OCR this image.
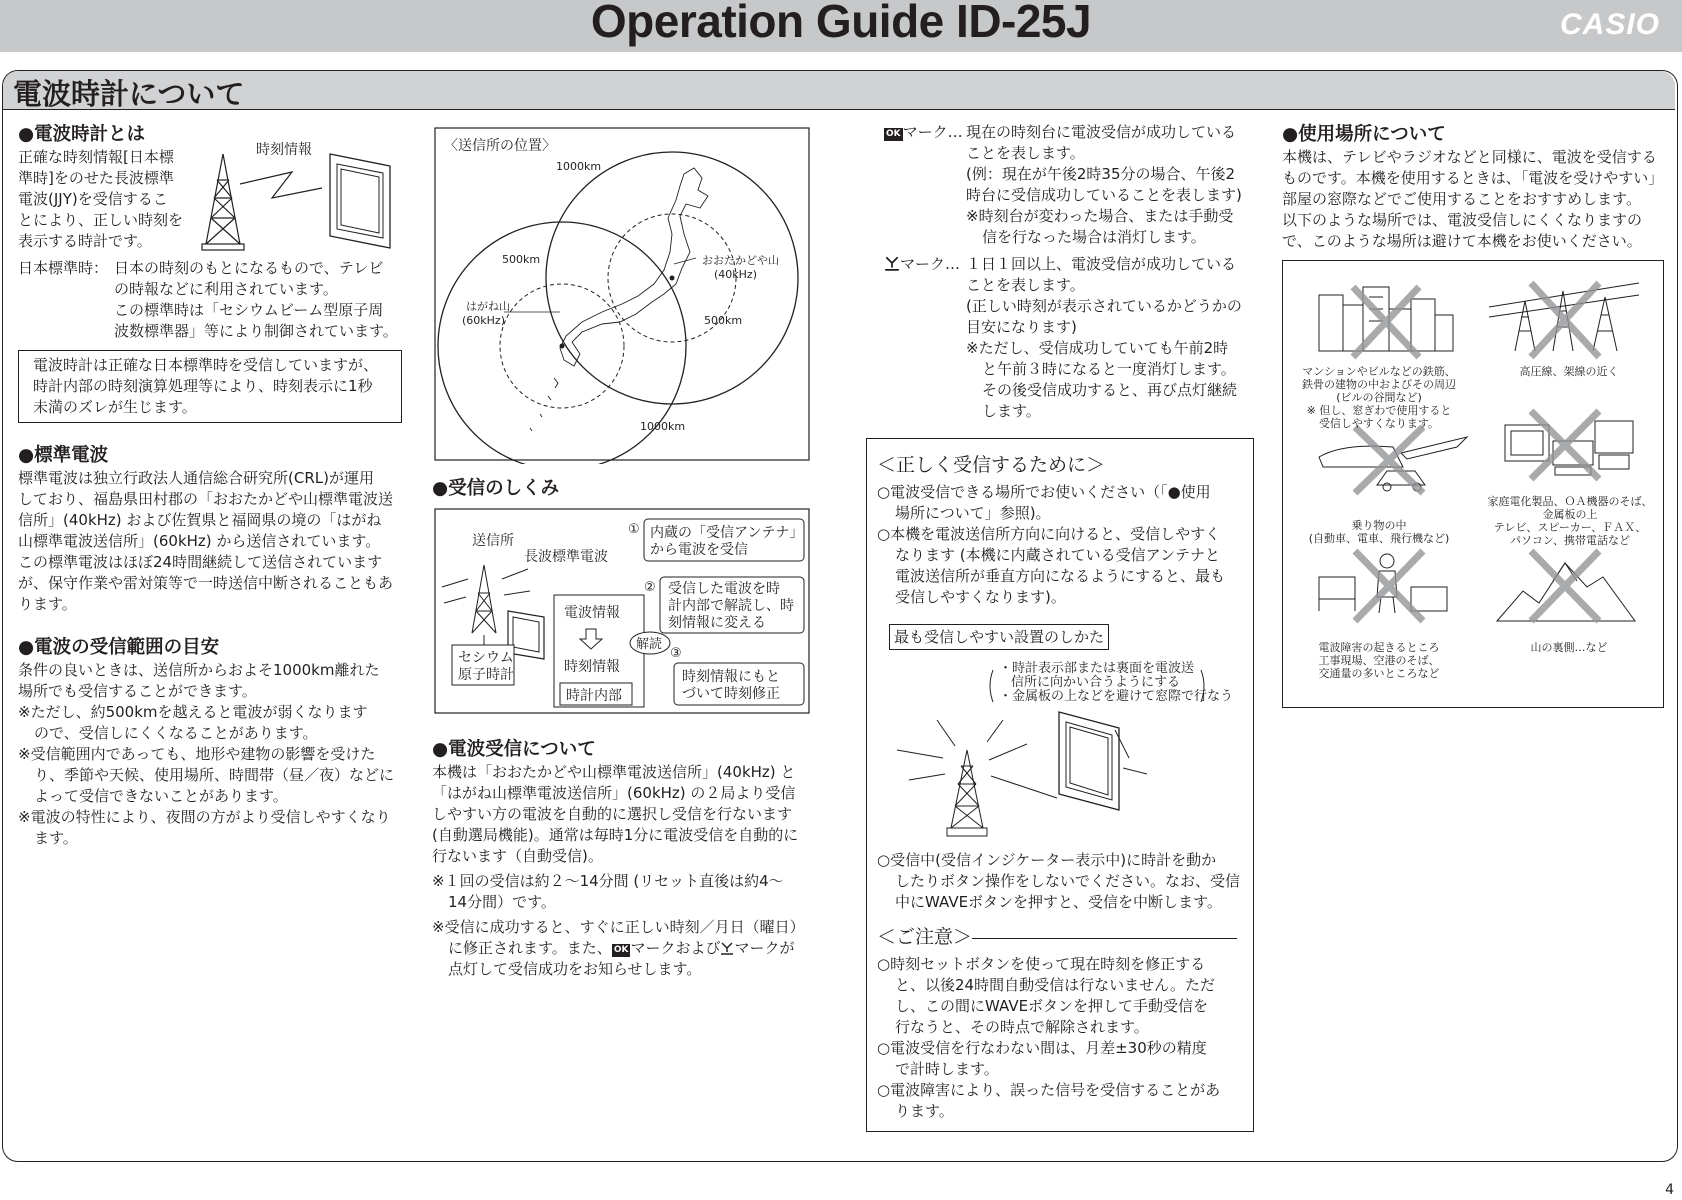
Operation Guide ID-25J	CASIO
電波時計について

●電波時計とは

正確な時刻情報[日本標

準時]をのせた長波標準

電波(JJY)を受信するこ

とにより、正しい時刻を

表示する時計です。

時刻情報
日本標準時： 日本の時刻のもとになるもので、テレビ

の時報などに利用されています。

この標準時は「セシウムビーム型原子周

波数標準器」等により制御されています。

電波時計は正確な日本標準時を受信していますが、

時計内部の時刻演算処理等により、時刻表示に1秒

未満のズレが生じます。

●標準電波

標準電波は独立行政法人通信総合研究所(CRL)が運用

しており、福島県田村郡の「おおたかどや山標準電波送

信所」(40kHz) および佐賀県と福岡県の境の「はがね

山標準電波送信所」(60kHz) から送信されています。

この標準電波はほぼ24時間継続して送信されています

が、保守作業や雷対策等で一時送信中断されることもあ

ります。

●電波の受信範囲の目安

条件の良いときは、送信所からおよそ1000km離れた

場所でも受信することができます。

※ただし、約500kmを越えると電波が弱くなります

ので、受信しにくくなることがあります。

※受信範囲内であっても、地形や建物の影響を受けた

り、季節や天候、使用場所、時間帯（昼／夜）などに

よって受信できないことがあります。

※電波の特性により、夜間の方がより受信しやすくなり

ます。

〈送信所の位置〉
1000km
500km	おおたかどや山
(40kHz)
はがね山
(60kHz)	500km
1000km

●受信のしくみ

送信所
長波標準電波
セシウム
原子時計
電波情報
時刻情報
時計内部
解読
① 内蔵の「受信アンテナ」
から電波を受信
② 受信した電波を時
計内部で解読し、時
刻情報に変える
③
時刻情報にもと
づいて時刻修正

●電波受信について

本機は「おおたかどや山標準電波送信所」(40kHz) と

「はがね山標準電波送信所」(60kHz) の２局より受信

しやすい方の電波を自動的に選択し受信を行ないます

(自動選局機能)。通常は毎時1分に電波受信を自動的に

行ないます（自動受信)。

※１回の受信は約２〜14分間 (リセット直後は約4〜

14分間）です。

※受信に成功すると、すぐに正しい時刻／月日（曜日）

に修正されます。また、 OK マークおよび マークが

点灯して受信成功をお知らせします。

OK マーク… 現在の時刻台に電波受信が成功している

ことを表します。

(例：現在が午後2時35分の場合、午後2

時台に受信成功していることを表します)

※時刻台が変わった場合、または手動受

信を行なった場合は消灯します。

マーク… １日１回以上、電波受信が成功している

ことを表します。

(正しい時刻が表示されているかどうかの

目安になります)

※ただし、受信成功していても午前2時

と午前３時になると一度消灯します。

その後受信成功すると、再び点灯継続

します。

＜正しく受信するために＞

○電波受信できる場所でお使いください（「●使用

場所について」参照)。

○本機を電波送信所方向に向けると、受信しやすく

なります (本機に内蔵されている受信アンテナと

電波送信所が垂直方向になるようにすると、最も

受信しやすくなります)。

最も受信しやすい設置のしかた
・時計表示部または裏面を電波送
信所に向かい合うようにする
・金属板の上などを避けて窓際で行なう

○受信中(受信インジケーター表示中)に時計を動か

したりボタン操作をしないでください。なお、受信

中にWAVEボタンを押すと、受信を中断します。

＜ご注意＞

○時刻セットボタンを使って現在時刻を修正する

と、以後24時間自動受信は行ないません。ただ

し、この間にWAVEボタンを押して手動受信を

行なうと、その時点で解除されます。

○電波受信を行なわない間は、月差±30秒の精度

で計時します。

○電波障害により、誤った信号を受信することがあ

ります。

●使用場所について

本機は、テレビやラジオなどと同様に、電波を受信する

ものです。本機を使用するときは、「電波を受けやすい」

部屋の窓際などでご使用することをおすすめします。

以下のような場所では、電波受信しにくくなりますの

で、このような場所は避けて本機をお使いください。

マンションやビルなどの鉄筋、
鉄骨の建物の中およびその周辺
(ビルの谷間など)
※ 但し、窓ぎわで使用すると
受信しやすくなります。
高圧線、架線の近く
乗り物の中
(自動車、電車、飛行機など)
家庭電化製品、ＯＡ機器のそば、
金属板の上
テレビ、スピーカー、ＦＡＸ、
パソコン、携帯電話など
電波障害の起きるところ
工事現場、空港のそば、
交通量の多いところなど
山の裏側…など
4
